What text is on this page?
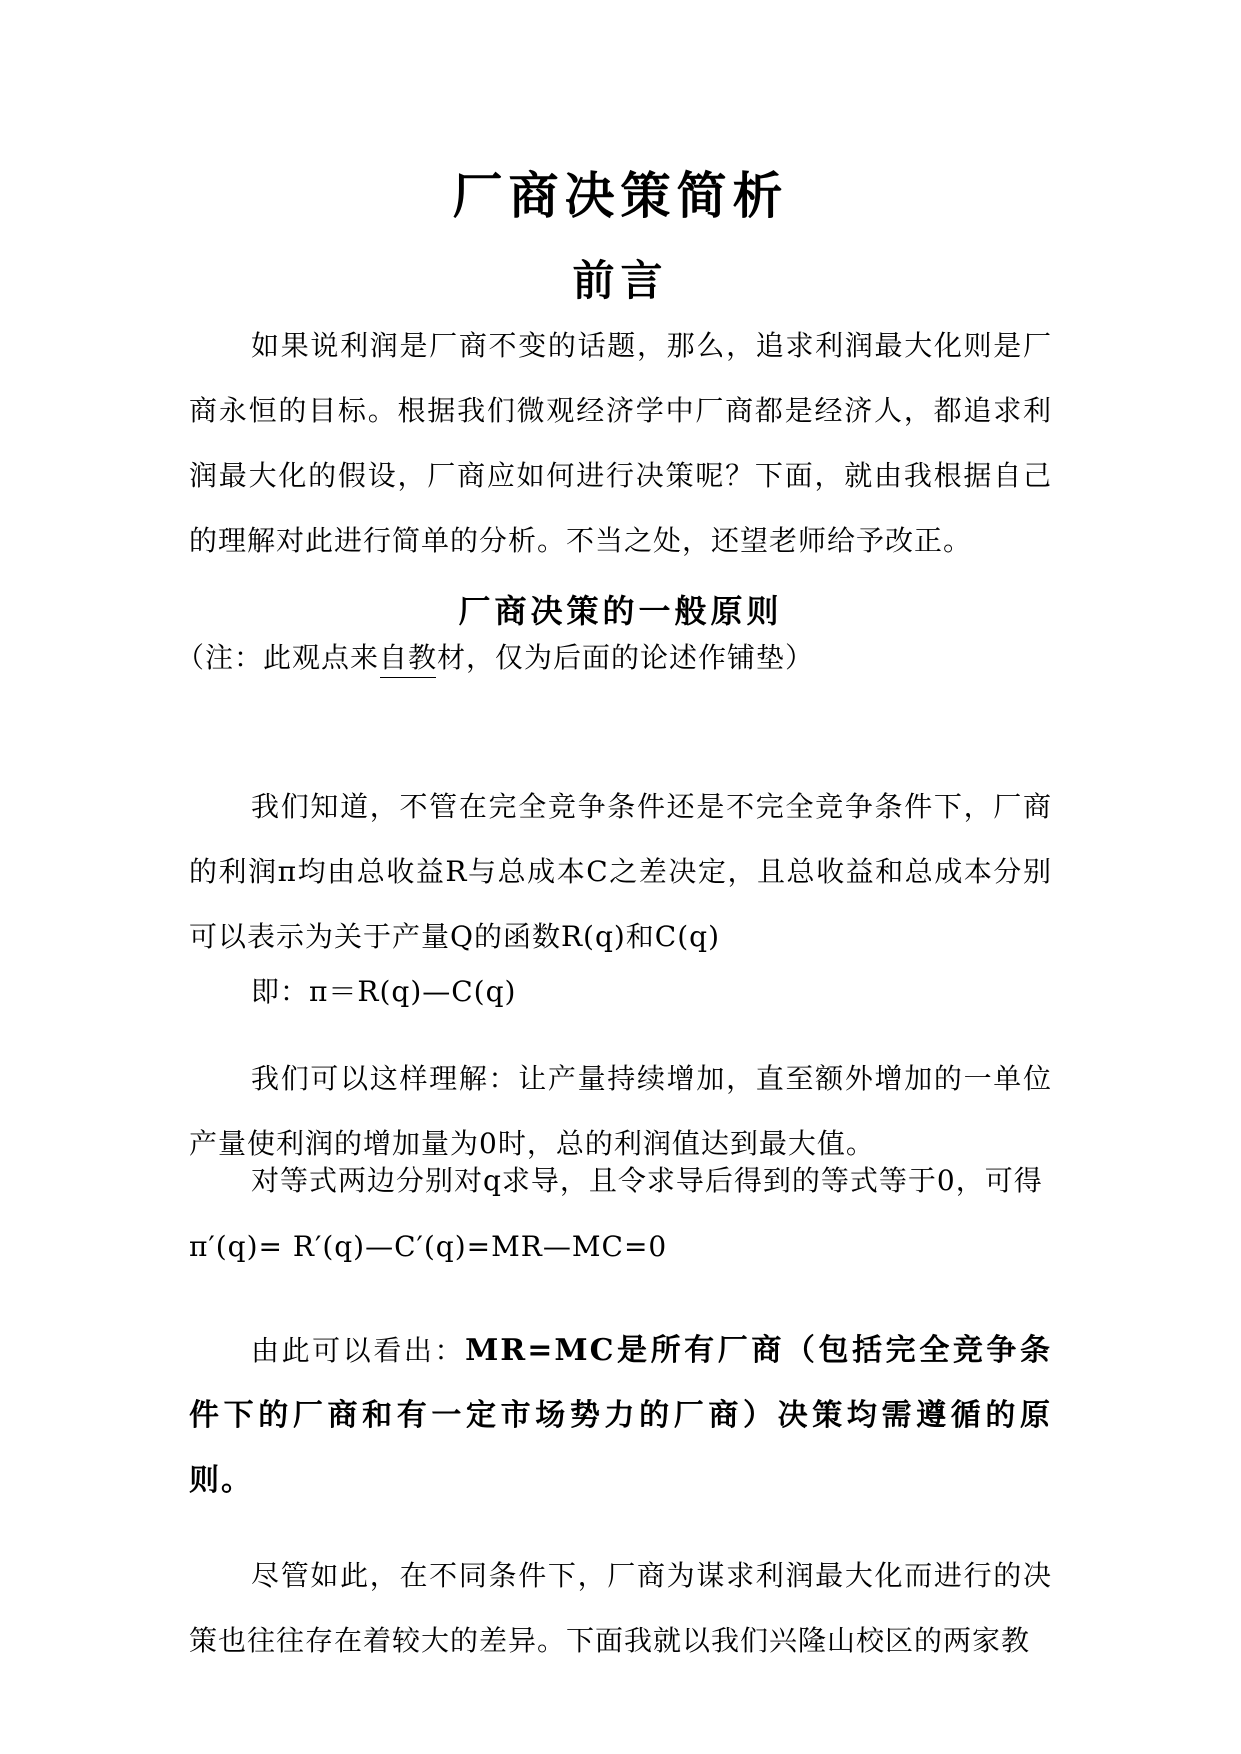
厂商决策简析
前言
如果说利润是厂商不变的话题，那么，追求利润最大化则是厂商永恒的目标。根据我们微观经济学中厂商都是经济人，都追求利润最大化的假设，厂商应如何进行决策呢？下面，就由我根据自己的理解对此进行简单的分析。不当之处，还望老师给予改正。
厂商决策的一般原则
（注：此观点来自教材，仅为后面的论述作铺垫）
我们知道，不管在完全竞争条件还是不完全竞争条件下，厂商的利润π均由总收益R与总成本C之差决定，且总收益和总成本分别可以表示为关于产量Q的函数R(q)和C(q)
即：π＝R(q)—C(q)
我们可以这样理解：让产量持续增加，直至额外增加的一单位产量使利润的增加量为0时，总的利润值达到最大值。
对等式两边分别对q求导，且令求导后得到的等式等于0，可得
π′(q)= R′(q)—C′(q)=MR—MC=0
由此可以看出：MR=MC是所有厂商（包括完全竞争条件下的厂商和有一定市场势力的厂商）决策均需遵循的原则。
尽管如此，在不同条件下，厂商为谋求利润最大化而进行的决策也往往存在着较大的差异。下面我就以我们兴隆山校区的两家教
